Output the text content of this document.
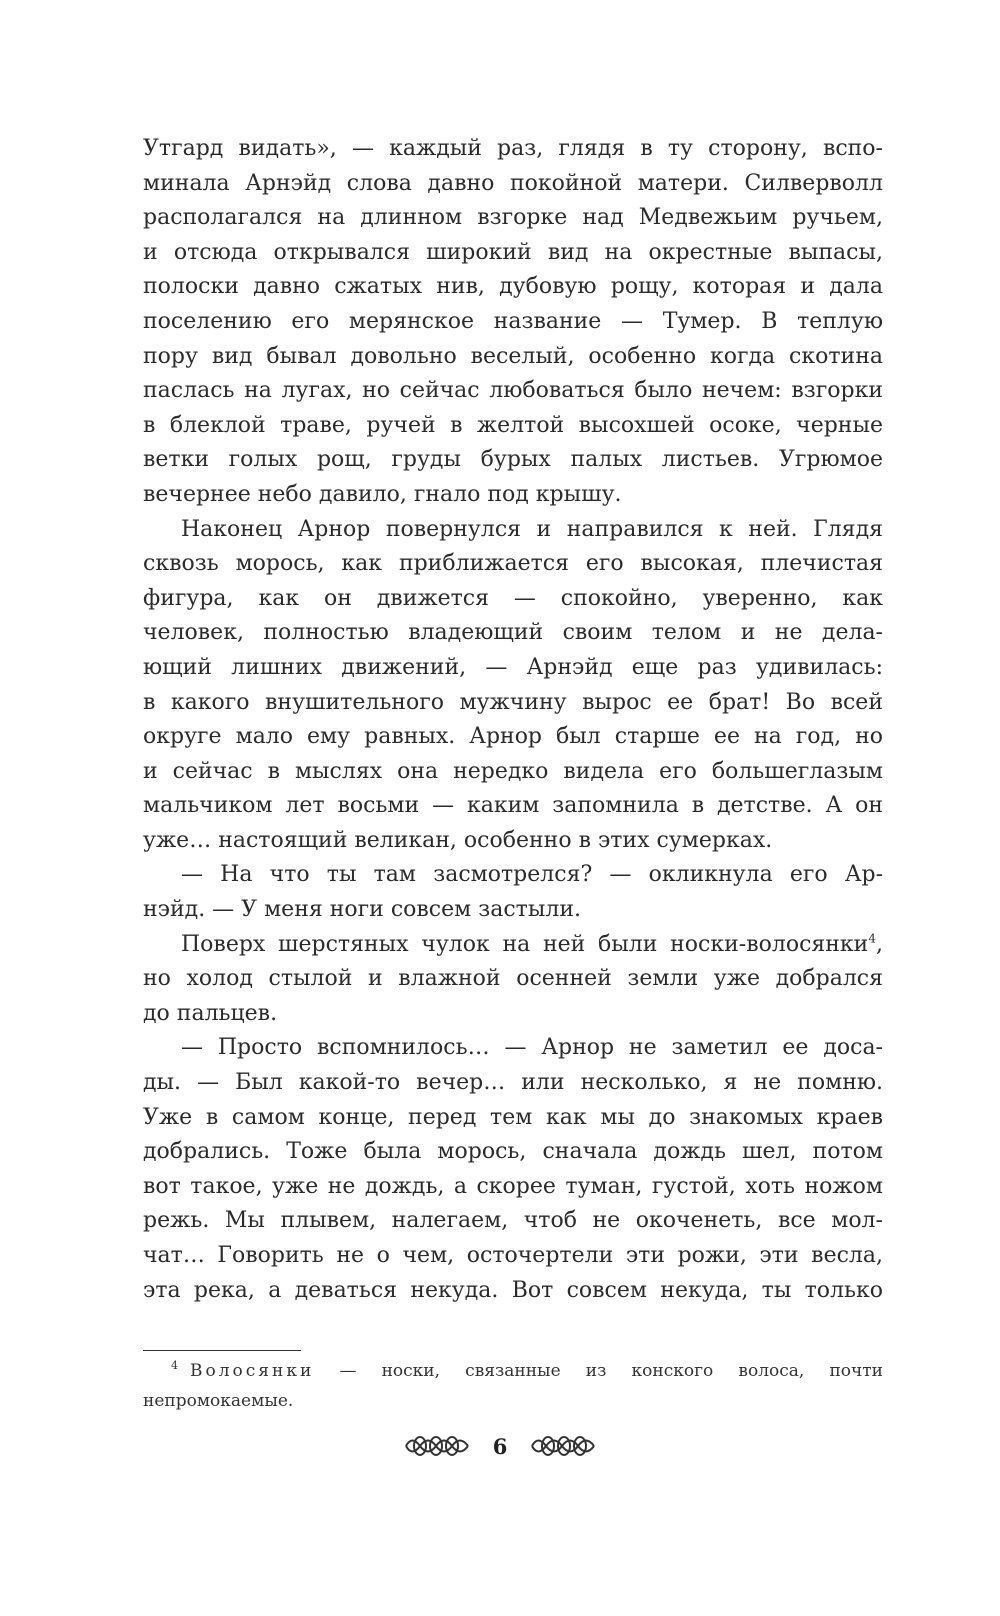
Утгард видать», — каждый раз, глядя в ту сторону, вспо-
минала Арнэйд слова давно покойной матери. Силверволл
располагался на длинном взгорке над Медвежьим ручьем,
и отсюда открывался широкий вид на окрестные выпасы,
полоски давно сжатых нив, дубовую рощу, которая и дала
поселению его мерянское название — Тумер. В теплую
пору вид бывал довольно веселый, особенно когда скотина
паслась на лугах, но сейчас любоваться было нечем: взгорки
в блеклой траве, ручей в желтой высохшей осоке, черные
ветки голых рощ, груды бурых палых листьев. Угрюмое
вечернее небо давило, гнало под крышу.
Наконец Арнор повернулся и направился к ней. Глядя
сквозь морось, как приближается его высокая, плечистая
фигура, как он движется — спокойно, уверенно, как
человек, полностью владеющий своим телом и не дела-
ющий лишних движений, — Арнэйд еще раз удивилась:
в какого внушительного мужчину вырос ее брат! Во всей
округе мало ему равных. Арнор был старше ее на год, но
и сейчас в мыслях она нередко видела его большеглазым
мальчиком лет восьми — каким запомнила в детстве. А он
уже… настоящий великан, особенно в этих сумерках.
— На что ты там засмотрелся? — окликнула его Ар-
нэйд. — У меня ноги совсем застыли.
Поверх шерстяных чулок на ней были носки-волосянки$^4$,
но холод стылой и влажной осенней земли уже добрался
до пальцев.
— Просто вспомнилось… — Арнор не заметил ее доса-
ды. — Был какой-то вечер… или несколько, я не помню.
Уже в самом конце, перед тем как мы до знакомых краев
добрались. Тоже была морось, сначала дождь шел, потом
вот такое, уже не дождь, а скорее туман, густой, хоть ножом
режь. Мы плывем, налегаем, чтоб не окоченеть, все мол-
чат… Говорить не о чем, осточертели эти рожи, эти весла,
эта река, а деваться некуда. Вот совсем некуда, ты только
$^4$ Волосянки — носки, связанные из конского волоса, почти
непромокаемые.
6
